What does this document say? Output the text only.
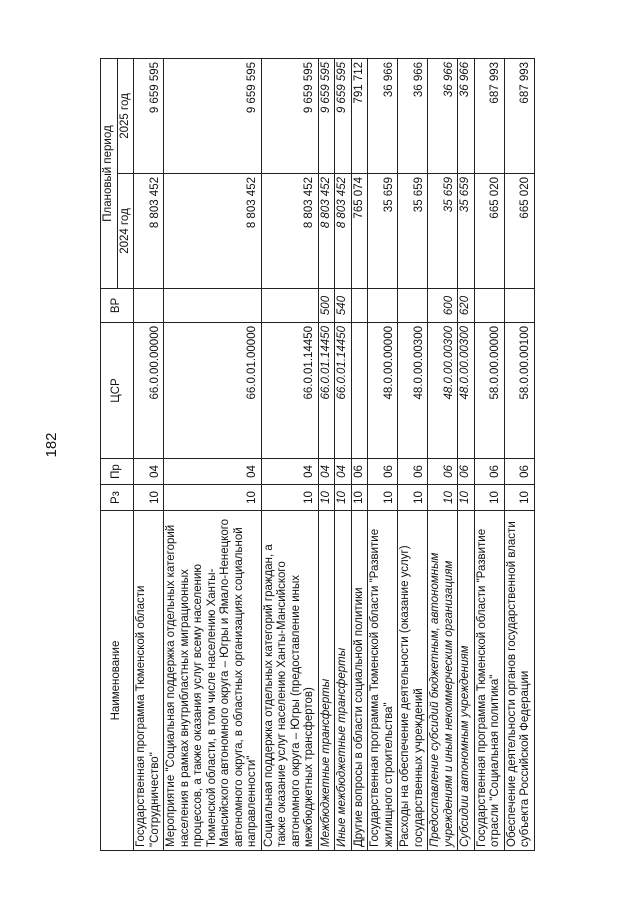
182
Наименование	Рз	Пр	ЦСР	ВР	Плановый период	
					2024 год	2025 год
Государственная программа Тюменской области "Сотрудничество"	10	04	66.0.00.00000		8 803 452	9 659 595
Мероприятие "Социальная поддержка отдельных категорий населения в рамках внутрибластных миграционных процессов, а также оказания услуг всему населению Тюменской области, в том числе населению Ханты-Мансийского автономного округа – Югры и Ямало-Ненецкого автономного округа, в областных организациях социальной направленности"	10	04	66.0.01.00000		8 803 452	9 659 595
Социальная поддержка отдельных категорий граждан, а также оказание услуг населению Ханты-Мансийского автономного округа – Югры (предоставление иных межбюджетных трансфертов)	10	04	66.0.01.14450		8 803 452	9 659 595
Межбюджетные трансферты	10	04	66.0.01.14450	500	8 803 452	9 659 595
Иные межбюджетные трансферты	10	04	66.0.01.14450	540	8 803 452	9 659 595
Другие вопросы в области социальной политики	10	06			765 074	791 712
Государственная программа Тюменской области "Развитие жилищного строительства"	10	06	48.0.00.00000		35 659	36 966
Расходы на обеспечение деятельности (оказание услуг) государственных учреждений	10	06	48.0.00.00300		35 659	36 966
Предоставление субсидий бюджетным, автономным учреждениям и иным некоммерческим организациям	10	06	48.0.00.00300	600	35 659	36 966
Субсидии автономным учреждениям	10	06	48.0.00.00300	620	35 659	36 966
Государственная программа Тюменской области "Развитие отрасли "Социальная политика"	10	06	58.0.00.00000		665 020	687 993
Обеспечение деятельности органов государственной власти субъекта Российской Федерации	10	06	58.0.00.00100		665 020	687 993
